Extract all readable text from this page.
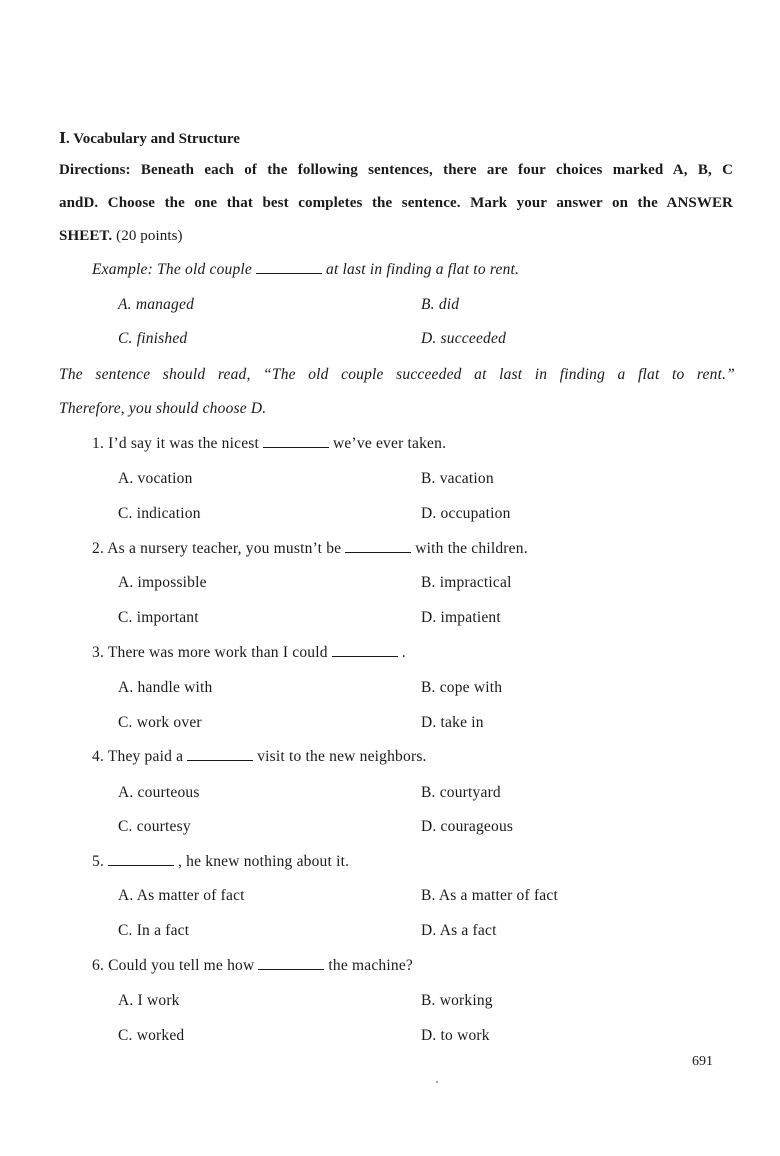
Ⅰ. Vocabulary and Structure
Directions: Beneath each of the following sentences, there are four choices marked A, B, C
andD. Choose the one that best completes the sentence. Mark your answer on the ANSWER
SHEET. (20 points)
Example: The old couple	at last in finding a flat to rent.
A. managed	B. did
C. finished	D. succeeded
The sentence should read, “The old couple succeeded at last in finding a flat to rent.”
Therefore, you should choose D.
1. I’d say it was the nicest	we’ve ever taken.
A. vocation	B. vacation
C. indication	D. occupation
2. As a nursery teacher, you mustn’t be	with the children.
A. impossible	B. impractical
C. important	D. impatient
3. There was more work than I could	.
A. handle with	B. cope with
C. work over	D. take in
4. They paid a	visit to the new neighbors.
A. courteous	B. courtyard
C. courtesy	D. courageous
5.	, he knew nothing about it.
A. As matter of fact	B. As a matter of fact
C. In a fact	D. As a fact
6. Could you tell me how	the machine?
A. I work	B. working
C. worked	D. to work
691
